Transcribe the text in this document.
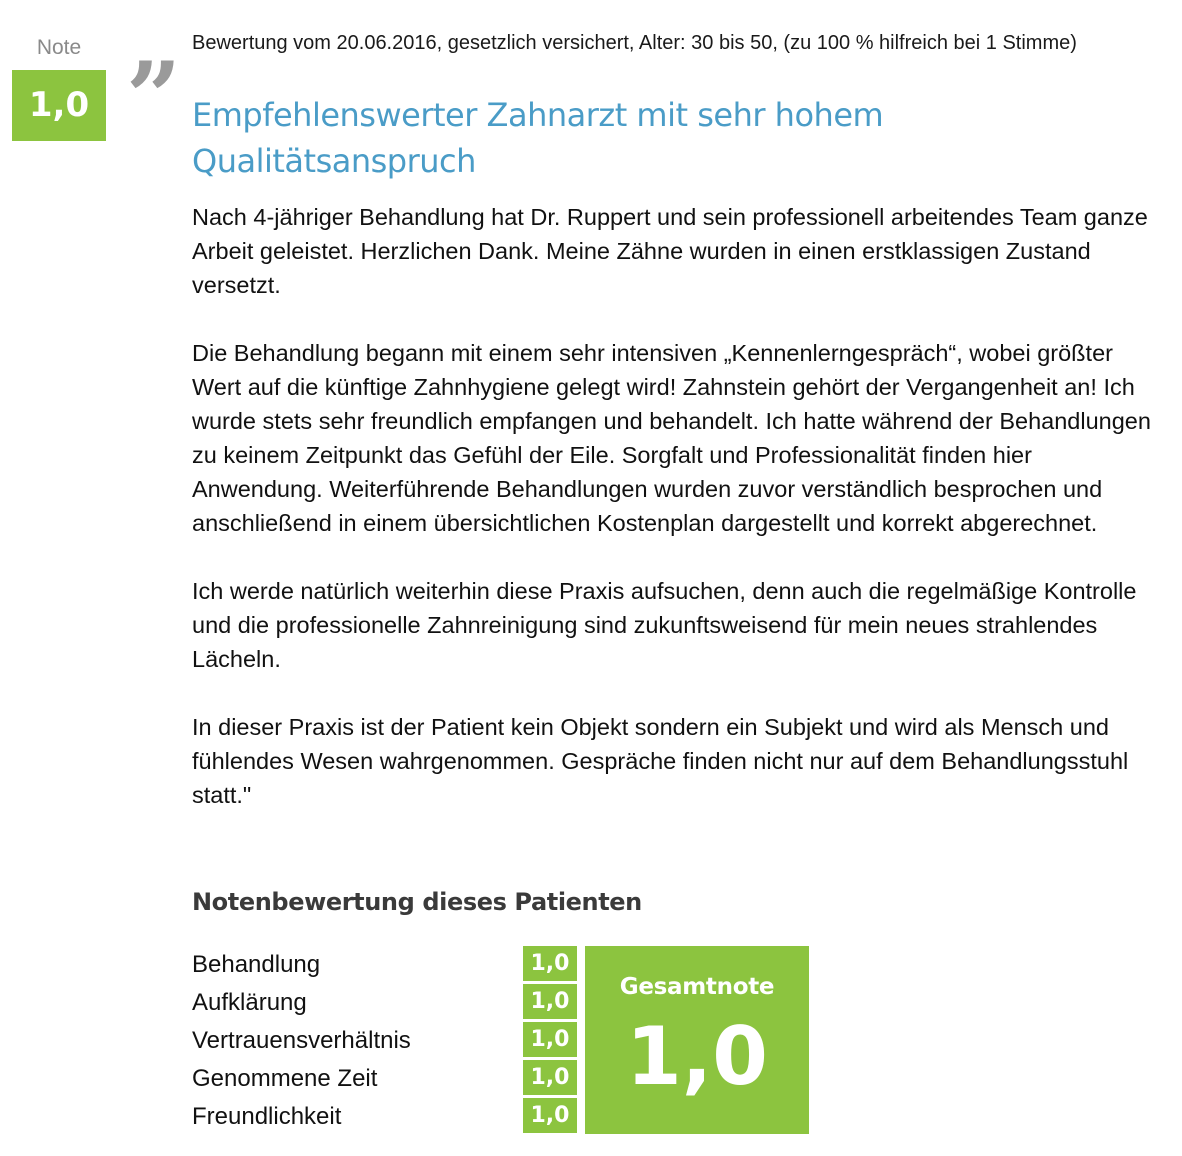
Note
1,0 ” Bewertung vom 20.06.2016, gesetzlich versichert, Alter: 30 bis 50, (zu 100 % hilfreich bei 1 Stimme)
Empfehlenswerter Zahnarzt mit sehr hohem Qualitätsanspruch

Nach 4-jähriger Behandlung hat Dr. Ruppert und sein professionell arbeitendes Team ganze Arbeit geleistet. Herzlichen Dank. Meine Zähne wurden in einen erstklassigen Zustand versetzt.

Die Behandlung begann mit einem sehr intensiven „Kennenlerngespräch“, wobei größter Wert auf die künftige Zahnhygiene gelegt wird! Zahnstein gehört der Vergangenheit an! Ich wurde stets sehr freundlich empfangen und behandelt. Ich hatte während der Behandlungen zu keinem Zeitpunkt das Gefühl der Eile. Sorgfalt und Professionalität finden hier Anwendung. Weiterführende Behandlungen wurden zuvor verständlich besprochen und anschließend in einem übersichtlichen Kostenplan dargestellt und korrekt abgerechnet.

Ich werde natürlich weiterhin diese Praxis aufsuchen, denn auch die regelmäßige Kontrolle und die professionelle Zahnreinigung sind zukunftsweisend für mein neues strahlendes Lächeln.

In dieser Praxis ist der Patient kein Objekt sondern ein Subjekt und wird als Mensch und fühlendes Wesen wahrgenommen. Gespräche finden nicht nur auf dem Behandlungsstuhl statt."

Notenbewertung dieses Patienten
Behandlung	1,0
Aufklärung	1,0
Vertrauensverhältnis	1,0
Genommene Zeit	1,0
Freundlichkeit	1,0
Gesamtnote
1,0
